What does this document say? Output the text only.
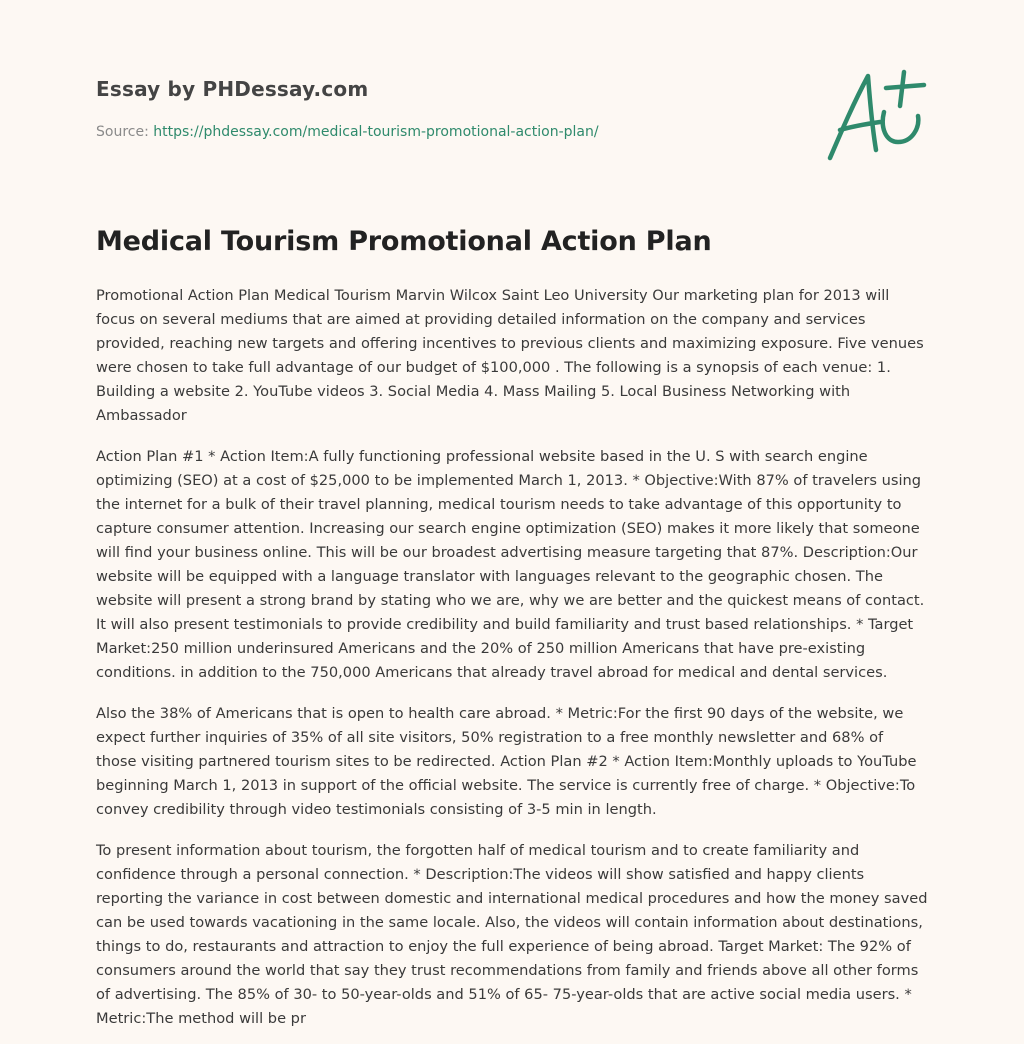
Essay by PHDessay.com
Source: https://phdessay.com/medical-tourism-promotional-action-plan/
Medical Tourism Promotional Action Plan

Promotional Action Plan Medical Tourism Marvin Wilcox Saint Leo University Our marketing plan for 2013 will focus on several mediums that are aimed at providing detailed information on the company and services provided, reaching new targets and offering incentives to previous clients and maximizing exposure. Five venues were chosen to take full advantage of our budget of $100,000 . The following is a synopsis of each venue: 1. Building a website 2. YouTube videos 3. Social Media 4. Mass Mailing 5. Local Business Networking with Ambassador

Action Plan #1 * Action Item:A fully functioning professional website based in the U. S with search engine optimizing (SEO) at a cost of $25,000 to be implemented March 1, 2013. * Objective:With 87% of travelers using the internet for a bulk of their travel planning, medical tourism needs to take advantage of this opportunity to capture consumer attention. Increasing our search engine optimization (SEO) makes it more likely that someone will find your business online. This will be our broadest advertising measure targeting that 87%. Description:Our website will be equipped with a language translator with languages relevant to the geographic chosen. The website will present a strong brand by stating who we are, why we are better and the quickest means of contact. It will also present testimonials to provide credibility and build familiarity and trust based relationships. * Target Market:250 million underinsured Americans and the 20% of 250 million Americans that have pre-existing conditions. in addition to the 750,000 Americans that already travel abroad for medical and dental services.

Also the 38% of Americans that is open to health care abroad. * Metric:For the first 90 days of the website, we expect further inquiries of 35% of all site visitors, 50% registration to a free monthly newsletter and 68% of those visiting partnered tourism sites to be redirected. Action Plan #2 * Action Item:Monthly uploads to YouTube beginning March 1, 2013 in support of the official website. The service is currently free of charge. * Objective:To convey credibility through video testimonials consisting of 3-5 min in length.

To present information about tourism, the forgotten half of medical tourism and to create familiarity and confidence through a personal connection. * Description:The videos will show satisfied and happy clients reporting the variance in cost between domestic and international medical procedures and how the money saved can be used towards vacationing in the same locale. Also, the videos will contain information about destinations, things to do, restaurants and attraction to enjoy the full experience of being abroad. Target Market: The 92% of consumers around the world that say they trust recommendations from family and friends above all other forms of advertising. The 85% of 30- to 50-year-olds and 51% of 65- 75-year-olds that are active social media users. * Metric:The method will be pr
